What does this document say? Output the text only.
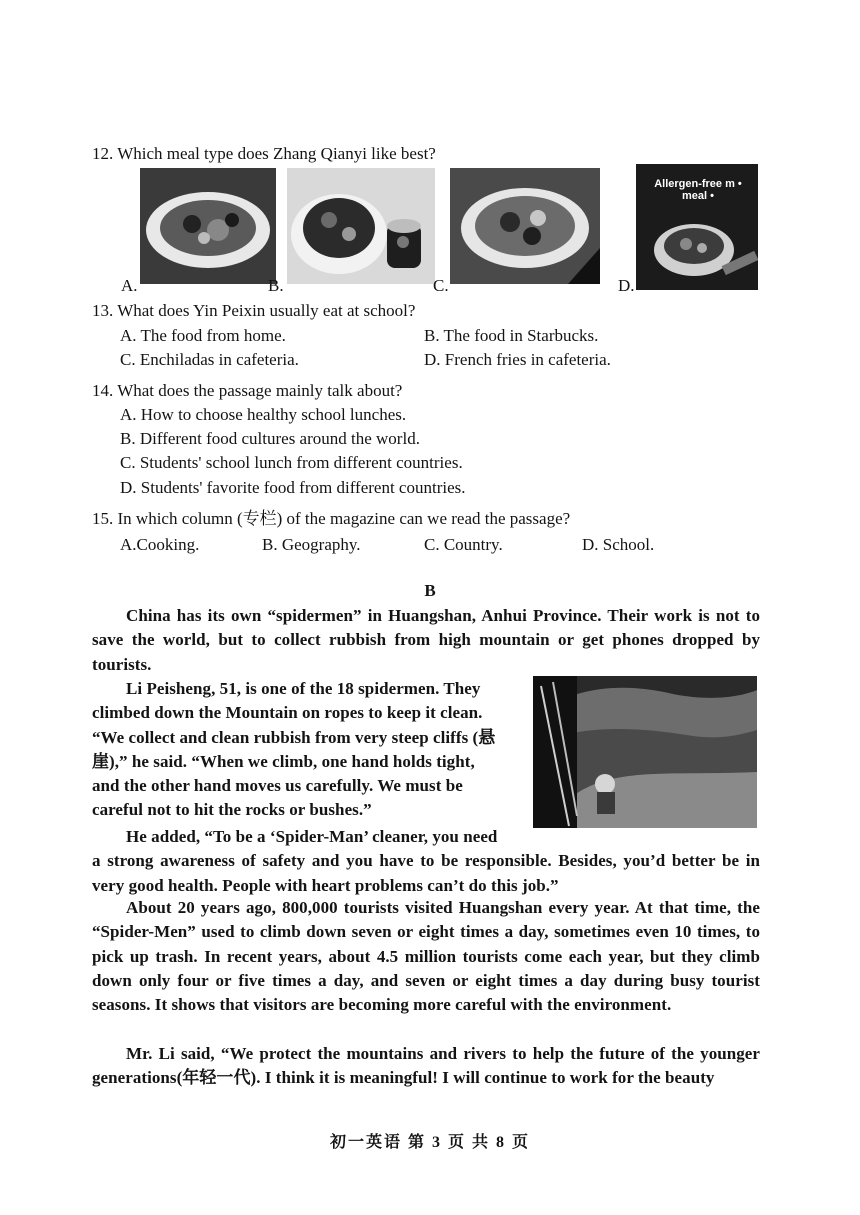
12. Which meal type does Zhang Qianyi like best?
A.	B.	C.
Allergen-free m • meal •
D.
13. What does Yin Peixin usually eat at school?
A. The food from home.	B. The food in Starbucks.
C. Enchiladas in cafeteria.	D. French fries in cafeteria.
14. What does the passage mainly talk about?
A. How to choose healthy school lunches.
B. Different food cultures around the world.
C. Students' school lunch from different countries.
D. Students' favorite food from different countries.
15. In which column (专栏) of the magazine can we read the passage?
A.Cooking.	B. Geography.	C. Country.	D. School.
B
China has its own “spidermen” in Huangshan, Anhui Province. Their work is not to save the world, but to collect rubbish from high mountain or get phones dropped by tourists.
Li Peisheng, 51, is one of the 18 spidermen. They
climbed down the Mountain on ropes to keep it clean.
“We collect and clean rubbish from very steep cliffs (悬
崖),” he said. “When we climb, one hand holds tight,
and the other hand moves us carefully. We must be
careful not to hit the rocks or bushes.”
He added, “To be a ‘Spider-Man’ cleaner, you need
a strong awareness of safety and you have to be responsible. Besides, you’d better be in very good health. People with heart problems can’t do this job.”
About 20 years ago, 800,000 tourists visited Huangshan every year. At that time, the “Spider-Men” used to climb down seven or eight times a day, sometimes even 10 times, to pick up trash. In recent years, about 4.5 million tourists come each year, but they climb down only four or five times a day, and seven or eight times a day during busy tourist seasons. It shows that visitors are becoming more careful with the environment.
Mr. Li said, “We protect the mountains and rivers to help the future of the younger generations(年轻一代). I think it is meaningful! I will continue to work for the beauty
初一英语 第 3 页 共 8 页
